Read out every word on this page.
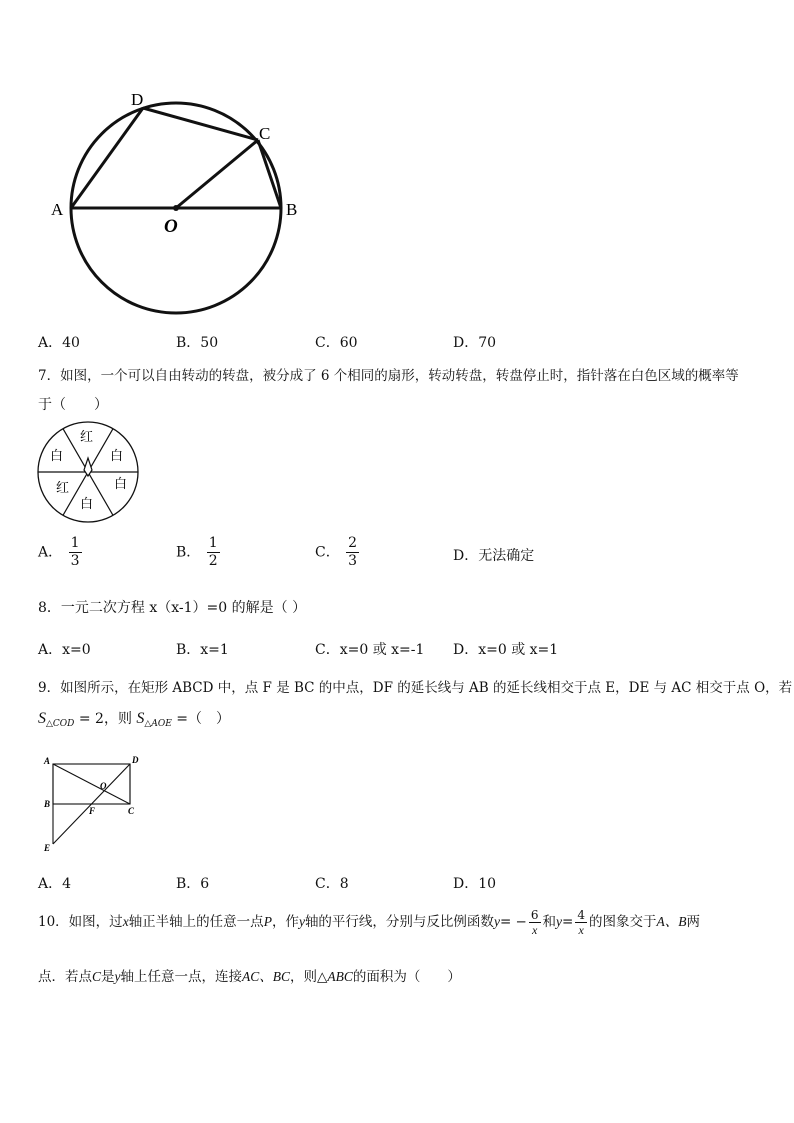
D
C
A	B
O
A．40	B．50	C．60	D．70
7．如图，一个可以自由转动的转盘，被分成了 6 个相同的扇形，转动转盘，转盘停止时，指针落在白色区域的概率等
于（　　）
红
白
白
白
红
白
A． $\frac{1}{3}$	B． $\frac{1}{2}$	C． $\frac{2}{3}$	D．无法确定
8．一元二次方程 x（x-1）=0 的解是（ ）
A．x=0	B．x=1	C．x=0 或 x=-1 D．x=0 或 x=1
9．如图所示，在矩形 ABCD 中，点 F 是 BC 的中点，DF 的延长线与 AB 的延长线相交于点 E，DE 与 AC 相交于点 O，若
$S_{\triangle COD} = 2$，则 $S_{\triangle AOE}$ =（　）
A	D
B
C
O
F
E
A．4	B．6	C．8	D．10
10．如图，过x轴正半轴上的任意一点P，作y轴的平行线，分别与反比例函数$y= - \frac{6}{x}$ 和$y= \frac{4}{x}$ 的图象交于A、B两
点．若点C是y轴上任意一点，连接AC、BC，则△ABC的面积为（　　）
